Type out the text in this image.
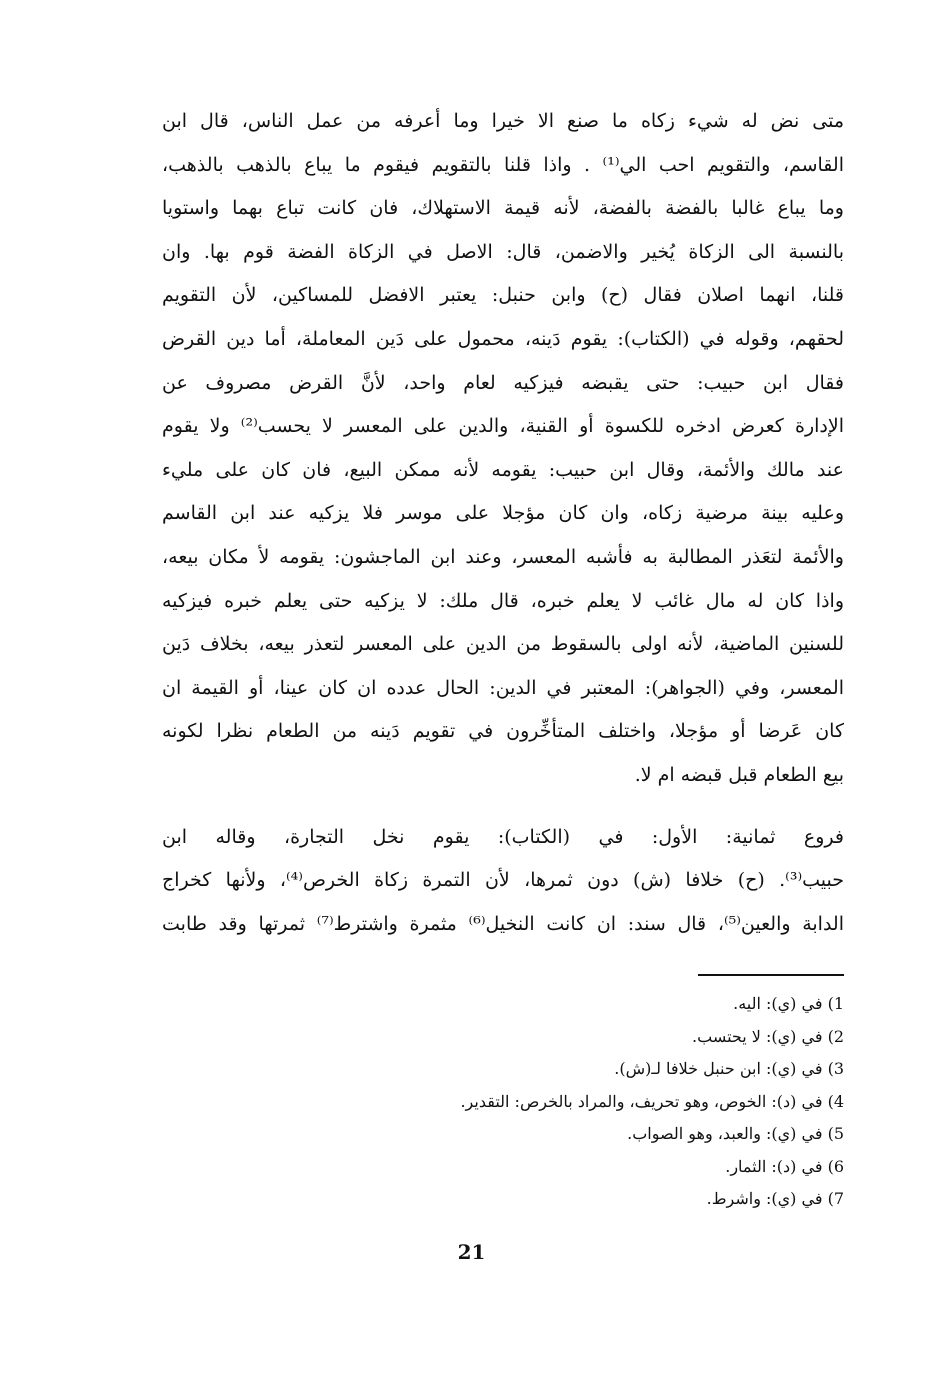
متى نض له شيء زكاه ما صنع الا خيرا وما أعرفه من عمل الناس، قال ابن
القاسم، والتقويم احب الي⁽¹⁾ . واذا قلنا بالتقويم فيقوم ما يباع بالذهب بالذهب،
وما يباع غالبا بالفضة بالفضة، لأنه قيمة الاستهلاك، فان كانت تباع بهما واستويا
بالنسبة الى الزكاة يُخير والاضمن، قال: الاصل في الزكاة الفضة قوم بها. وان
قلنا، انهما اصلان فقال (ح) وابن حنبل: يعتبر الافضل للمساكين، لأن التقويم
لحقهم، وقوله في (الكتاب): يقوم دَينه، محمول على دَين المعاملة، أما دين القرض
فقال ابن حبيب: حتى يقبضه فيزكيه لعام واحد، لأنَّ القرض مصروف عن
الإدارة كعرض ادخره للكسوة أو القنية، والدين على المعسر لا يحسب⁽²⁾ ولا يقوم
عند مالك والأئمة، وقال ابن حبيب: يقومه لأنه ممكن البيع، فان كان على مليء
وعليه بينة مرضية زكاه، وان كان مؤجلا على موسر فلا يزكيه عند ابن القاسم
والأئمة لتعَذر المطالبة به فأشبه المعسر، وعند ابن الماجشون: يقومه لأ مكان بيعه،
واذا كان له مال غائب لا يعلم خبره، قال ملك: لا يزكيه حتى يعلم خبره فيزكيه
للسنين الماضية، لأنه اولى بالسقوط من الدين على المعسر لتعذر بيعه، بخلاف دَين
المعسر، وفي (الجواهر): المعتبر في الدين: الحال عدده ان كان عينا، أو القيمة ان
كان عَرضا أو مؤجلا، واختلف المتأخِّرون في تقويم دَينه من الطعام نظرا لكونه
بيع الطعام قبل قبضه ام لا.
فروع ثمانية: الأول: في (الكتاب): يقوم نخل التجارة، وقاله ابن
حبيب⁽³⁾. (ح) خلافا (ش) دون ثمرها، لأن التمرة زكاة الخرص⁽⁴⁾، ولأنها كخراج
الدابة والعين⁽⁵⁾، قال سند: ان كانت النخيل⁽⁶⁾ مثمرة واشترط⁽⁷⁾ ثمرتها وقد طابت
1) في (ي): اليه.
2) في (ي): لا يحتسب.
3) في (ي): ابن حنبل خلافا لـ(ش).
4) في (د): الخوص، وهو تحريف، والمراد بالخرص: التقدير.
5) في (ي): والعبد، وهو الصواب.
6) في (د): الثمار.
7) في (ي): واشرط.
21
